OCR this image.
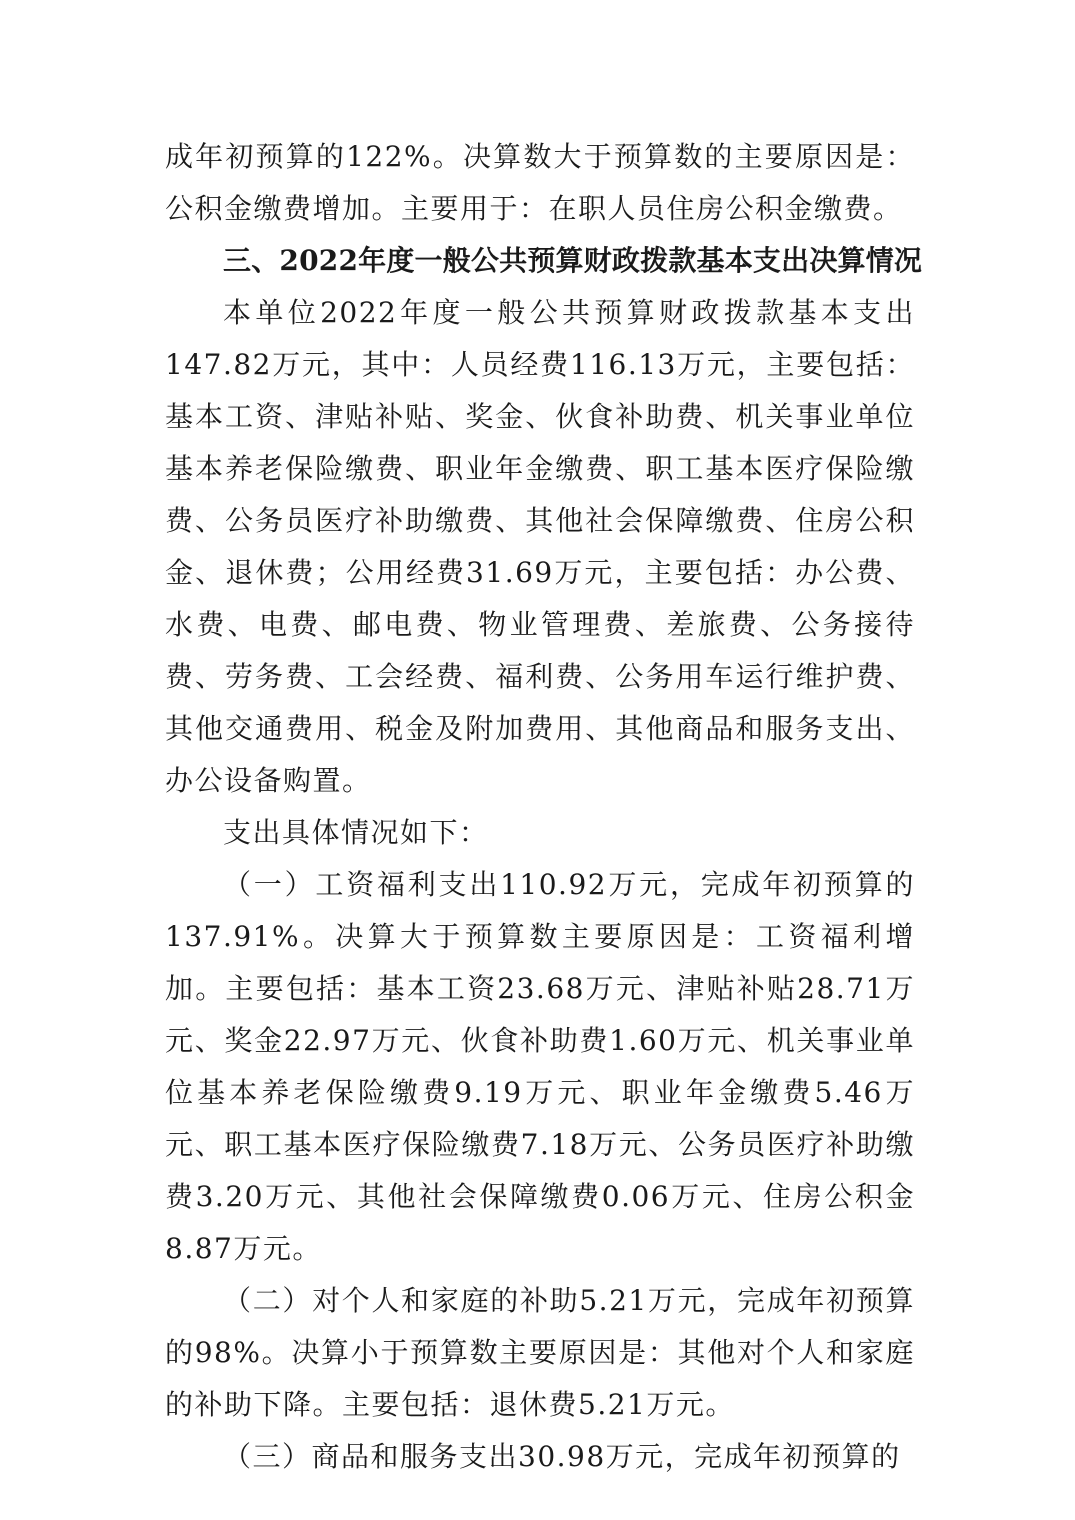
成年初预算的122%。决算数大于预算数的主要原因是：公积金缴费增加。主要用于：在职人员住房公积金缴费。

三、2022年度一般公共预算财政拨款基本支出决算情况

本单位2022年度一般公共预算财政拨款基本支出147.82万元，其中：人员经费116.13万元，主要包括：基本工资、津贴补贴、奖金、伙食补助费、机关事业单位基本养老保险缴费、职业年金缴费、职工基本医疗保险缴费、公务员医疗补助缴费、其他社会保障缴费、住房公积金、退休费；公用经费31.69万元，主要包括：办公费、水费、电费、邮电费、物业管理费、差旅费、公务接待费、劳务费、工会经费、福利费、公务用车运行维护费、其他交通费用、税金及附加费用、其他商品和服务支出、办公设备购置。

支出具体情况如下：

（一）工资福利支出110.92万元，完成年初预算的137.91%。决算大于预算数主要原因是：工资福利增加。主要包括：基本工资23.68万元、津贴补贴28.71万元、奖金22.97万元、伙食补助费1.60万元、机关事业单位基本养老保险缴费9.19万元、职业年金缴费5.46万元、职工基本医疗保险缴费7.18万元、公务员医疗补助缴费3.20万元、其他社会保障缴费0.06万元、住房公积金8.87万元。

（二）对个人和家庭的补助5.21万元，完成年初预算的98%。决算小于预算数主要原因是：其他对个人和家庭的补助下降。主要包括：退休费5.21万元。

（三）商品和服务支出30.98万元，完成年初预算的
